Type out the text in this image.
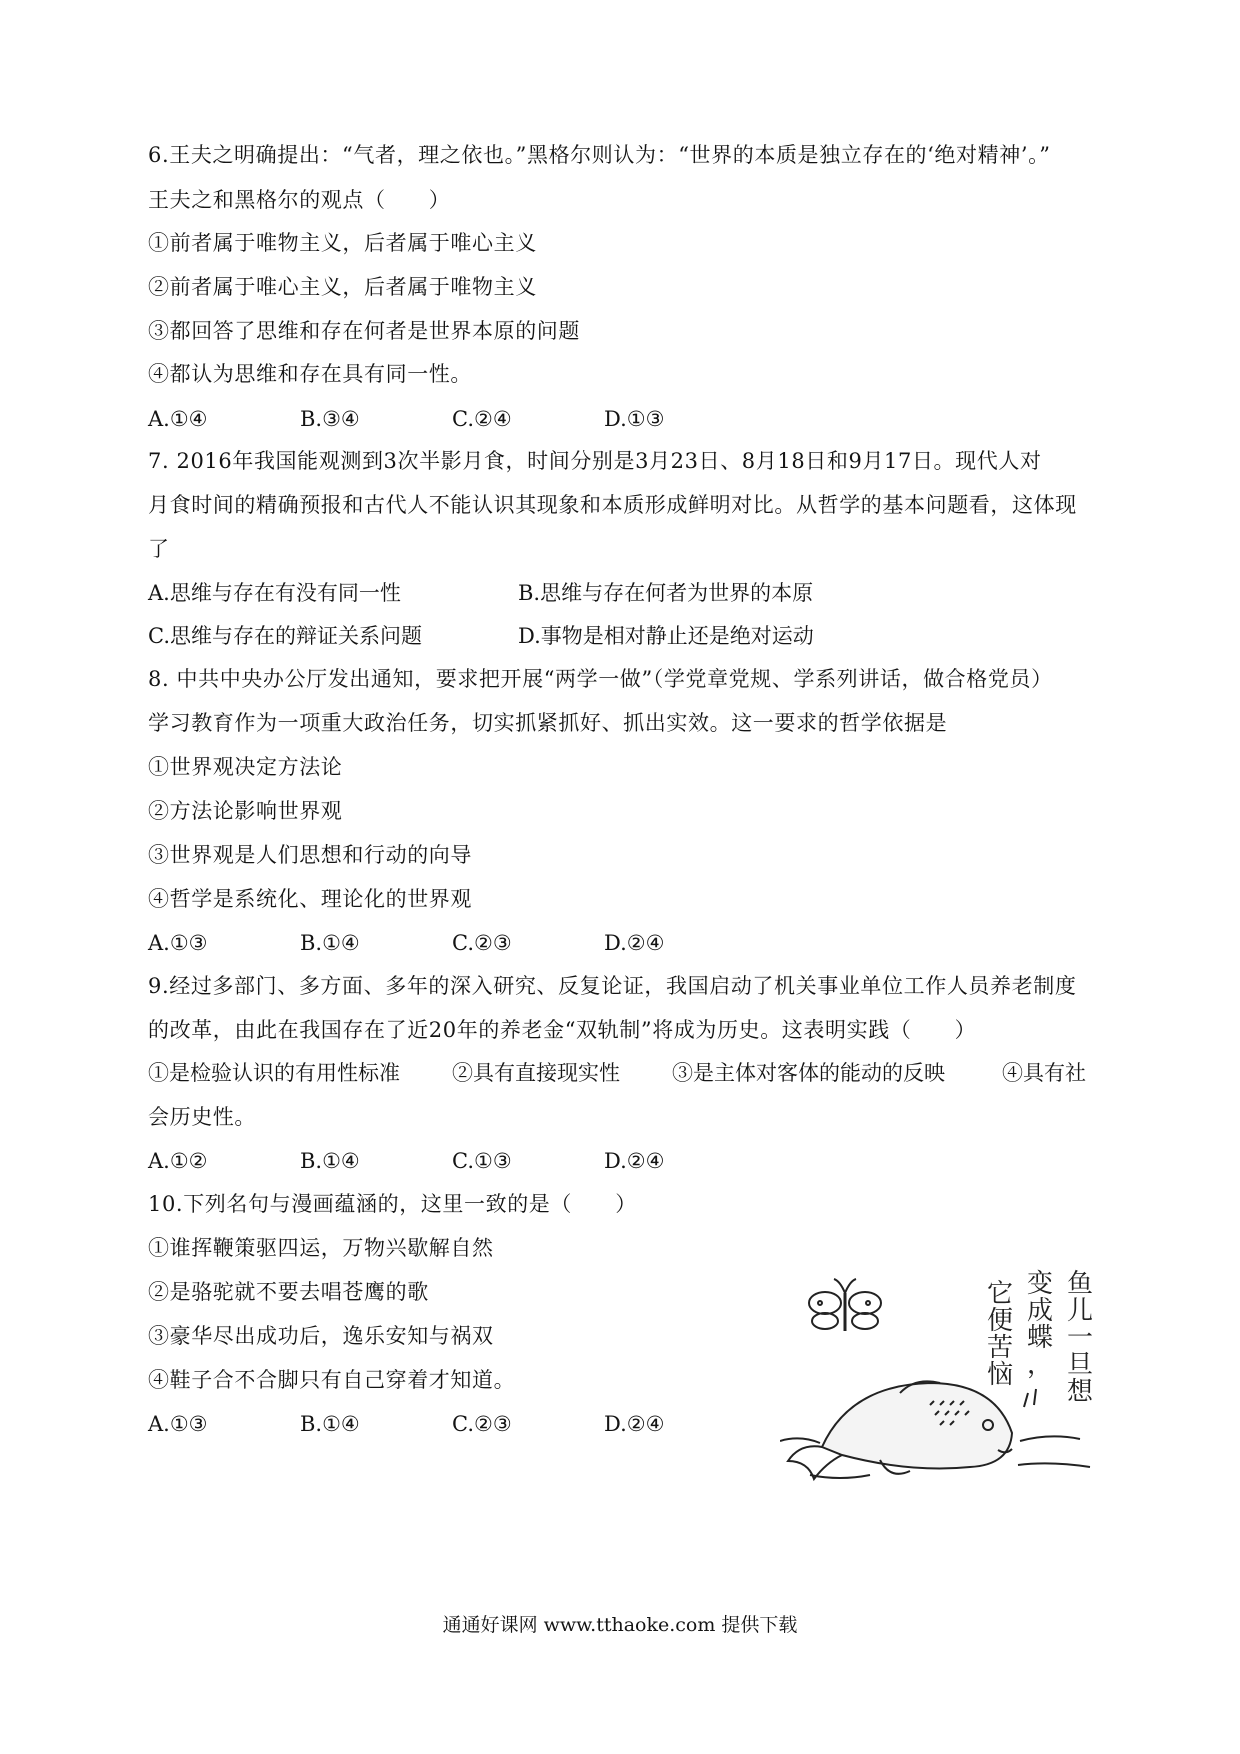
6.王夫之明确提出：“气者，理之依也。”黑格尔则认为：“世界的本质是独立存在的‘绝对精神’。”
王夫之和黑格尔的观点（　　）
①前者属于唯物主义，后者属于唯心主义
②前者属于唯心主义，后者属于唯物主义
③都回答了思维和存在何者是世界本原的问题
④都认为思维和存在具有同一性。
A.①④	B.③④	C.②④	D.①③
7. 2016年我国能观测到3次半影月食，时间分别是3月23日、8月18日和9月17日。现代人对
月食时间的精确预报和古代人不能认识其现象和本质形成鲜明对比。从哲学的基本问题看，这体现
了
A.思维与存在有没有同一性	B.思维与存在何者为世界的本原
C.思维与存在的辩证关系问题	D.事物是相对静止还是绝对运动
8. 中共中央办公厅发出通知，要求把开展“两学一做”（学党章党规、学系列讲话，做合格党员）
学习教育作为一项重大政治任务，切实抓紧抓好、抓出实效。这一要求的哲学依据是
①世界观决定方法论
②方法论影响世界观
③世界观是人们思想和行动的向导
④哲学是系统化、理论化的世界观
A.①③	B.①④	C.②③	D.②④
9.经过多部门、多方面、多年的深入研究、反复论证，我国启动了机关事业单位工作人员养老制度
的改革，由此在我国存在了近20年的养老金“双轨制”将成为历史。这表明实践（　　）
①是检验认识的有用性标准 ②具有直接现实性 ③是主体对客体的能动的反映	④具有社
会历史性。
A.①②	B.①④	C.①③	D.②④
10.下列名句与漫画蕴涵的，这里一致的是（　　）
①谁挥鞭策驱四运，万物兴歇解自然
②是骆驼就不要去唱苍鹰的歌
③豪华尽出成功后，逸乐安知与祸双
④鞋子合不合脚只有自己穿着才知道。
A.①③	B.①④	C.②③	D.②④
鱼
儿
一
旦
想
变
成
蝶
，
它
便
苦
恼
通通好课网 www.tthaoke.com 提供下载
